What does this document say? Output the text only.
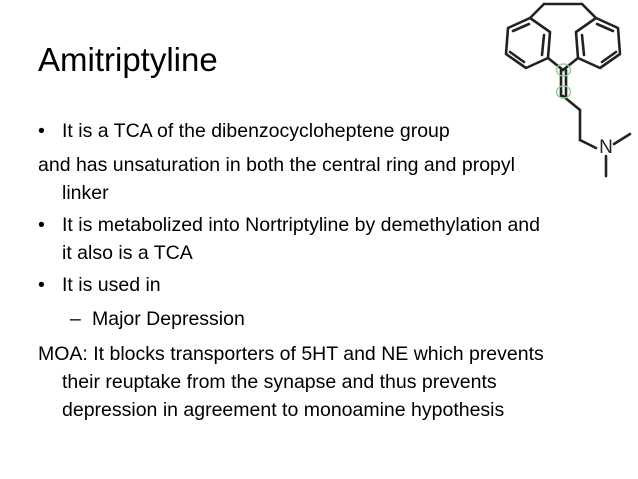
Amitriptyline
• It is a TCA of the dibenzocycloheptene group
and has unsaturation in both the central ring and propyl
linker
• It is metabolized into Nortriptyline by demethylation and
it also is a TCA
• It is used in
– Major Depression
MOA: It blocks transporters of 5HT and NE which prevents
their reuptake from the synapse and thus prevents
depression in agreement to monoamine hypothesis
N
